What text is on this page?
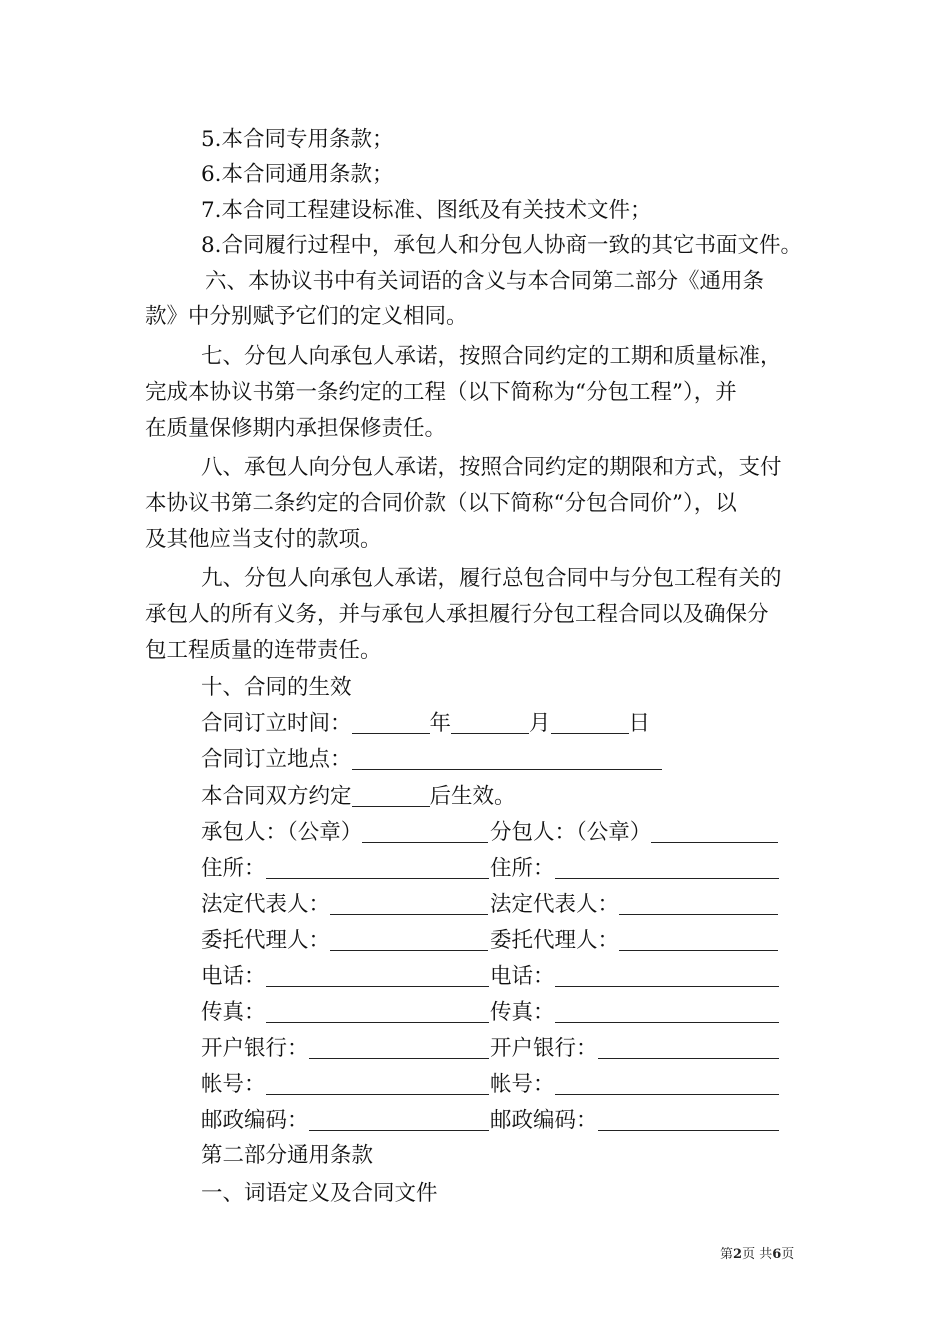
5.本合同专用条款；
6.本合同通用条款；
7.本合同工程建设标准、图纸及有关技术文件；
8.合同履行过程中，承包人和分包人协商一致的其它书面文件。
六、本协议书中有关词语的含义与本合同第二部分《通用条
款》中分别赋予它们的定义相同。
七、分包人向承包人承诺，按照合同约定的工期和质量标准，
完成本协议书第一条约定的工程（以下简称为“分包工程”），并
在质量保修期内承担保修责任。
八、承包人向分包人承诺，按照合同约定的期限和方式，支付
本协议书第二条约定的合同价款（以下简称“分包合同价”），以
及其他应当支付的款项。
九、分包人向承包人承诺，履行总包合同中与分包工程有关的
承包人的所有义务，并与承包人承担履行分包工程合同以及确保分
包工程质量的连带责任。
十、合同的生效
合同订立时间：	年	月	日
合同订立地点：
本合同双方约定	后生效。
承包人：（公章）	分包人：（公章）
住所：	住所：
法定代表人：	法定代表人：
委托代理人：	委托代理人：
电话：	电话：
传真：	传真：
开户银行：	开户银行：
帐号：	帐号：
邮政编码：	邮政编码：
第二部分通用条款
一、词语定义及合同文件
第2页 共6页
